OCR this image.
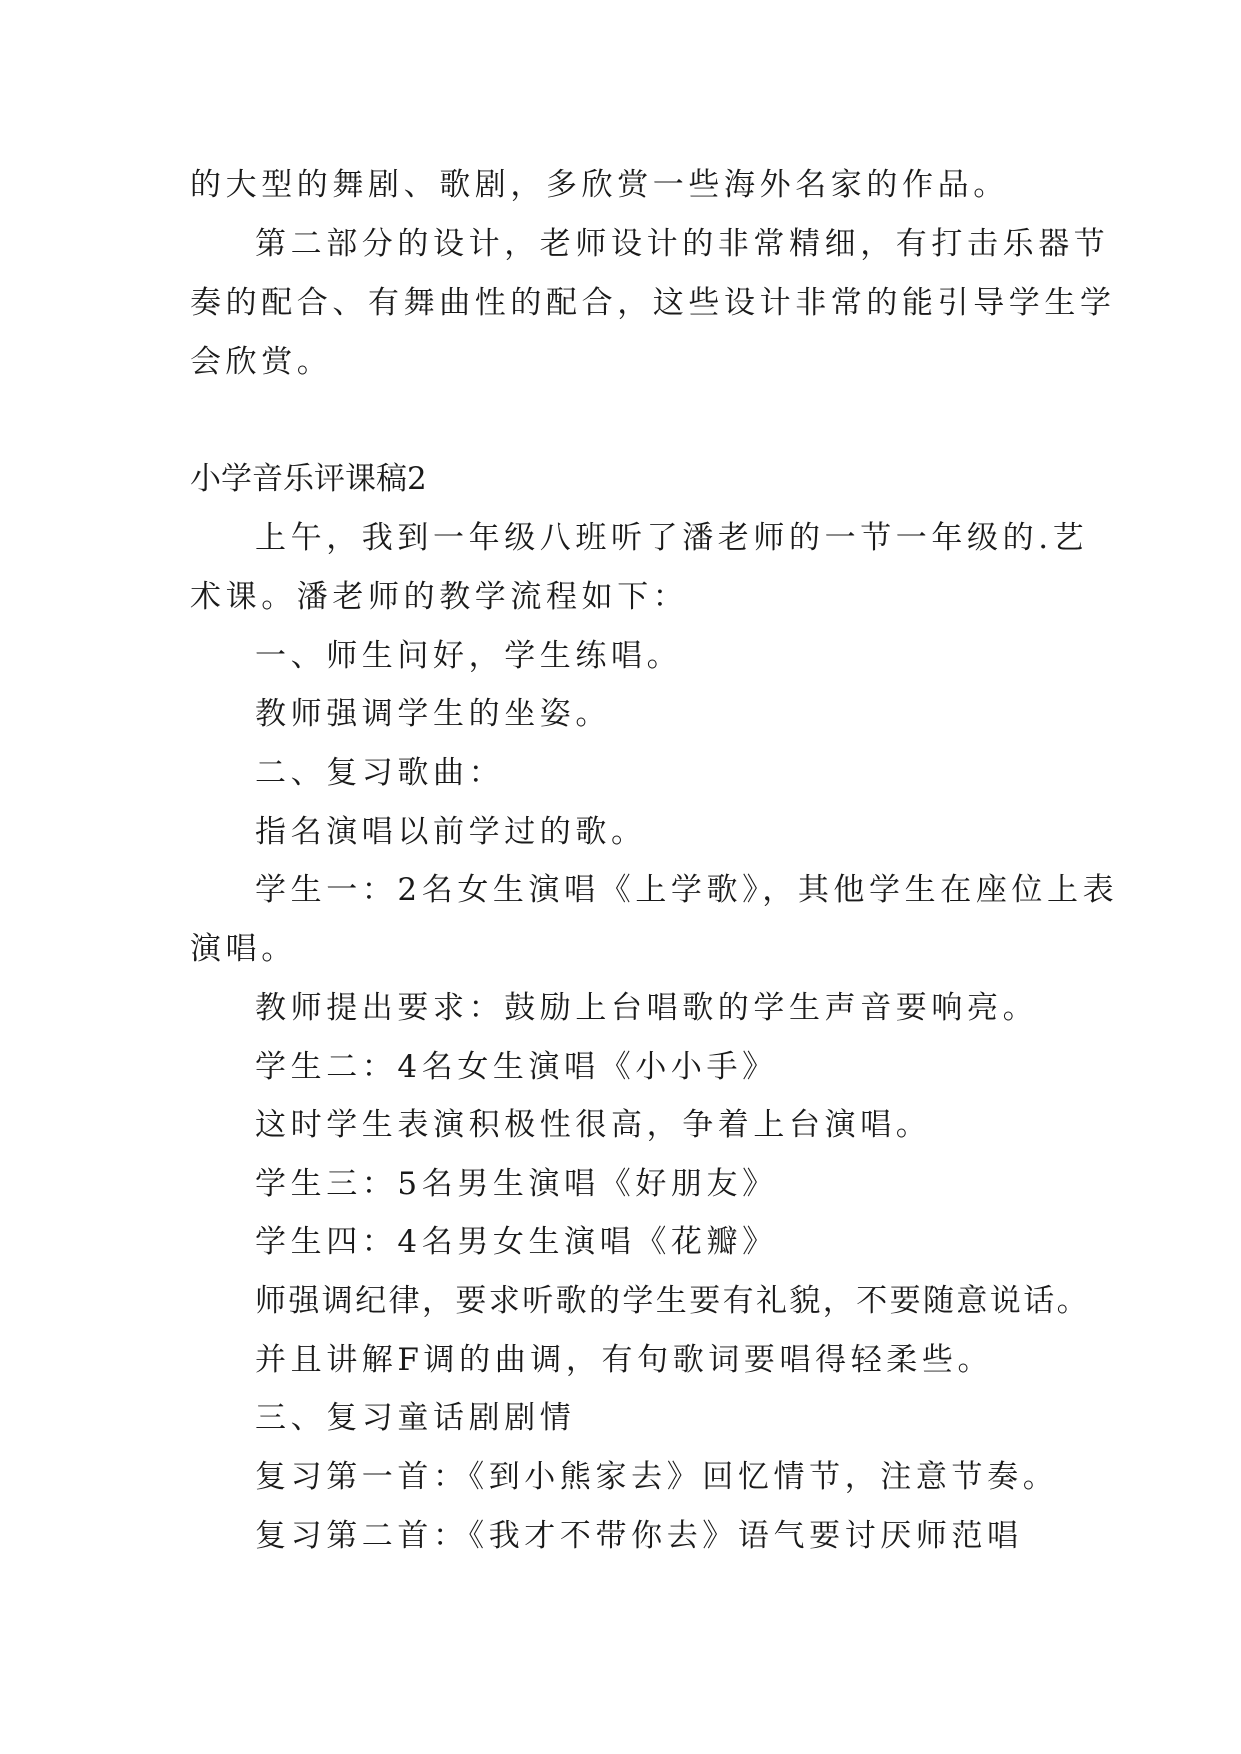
的大型的舞剧、歌剧，多欣赏一些海外名家的作品。
第二部分的设计，老师设计的非常精细，有打击乐器节
奏的配合、有舞曲性的配合，这些设计非常的能引导学生学
会欣赏。
小学音乐评课稿2
上午，我到一年级八班听了潘老师的一节一年级的.艺
术课。潘老师的教学流程如下：
一、师生问好，学生练唱。
教师强调学生的坐姿。
二、复习歌曲：
指名演唱以前学过的歌。
学生一：2名女生演唱《上学歌》，其他学生在座位上表
演唱。
教师提出要求：鼓励上台唱歌的学生声音要响亮。
学生二：4名女生演唱《小小手》
这时学生表演积极性很高，争着上台演唱。
学生三：5名男生演唱《好朋友》
学生四：4名男女生演唱《花瓣》
师强调纪律，要求听歌的学生要有礼貌，不要随意说话。
并且讲解F调的曲调，有句歌词要唱得轻柔些。
三、复习童话剧剧情
复习第一首：《到小熊家去》回忆情节，注意节奏。
复习第二首：《我才不带你去》语气要讨厌师范唱
